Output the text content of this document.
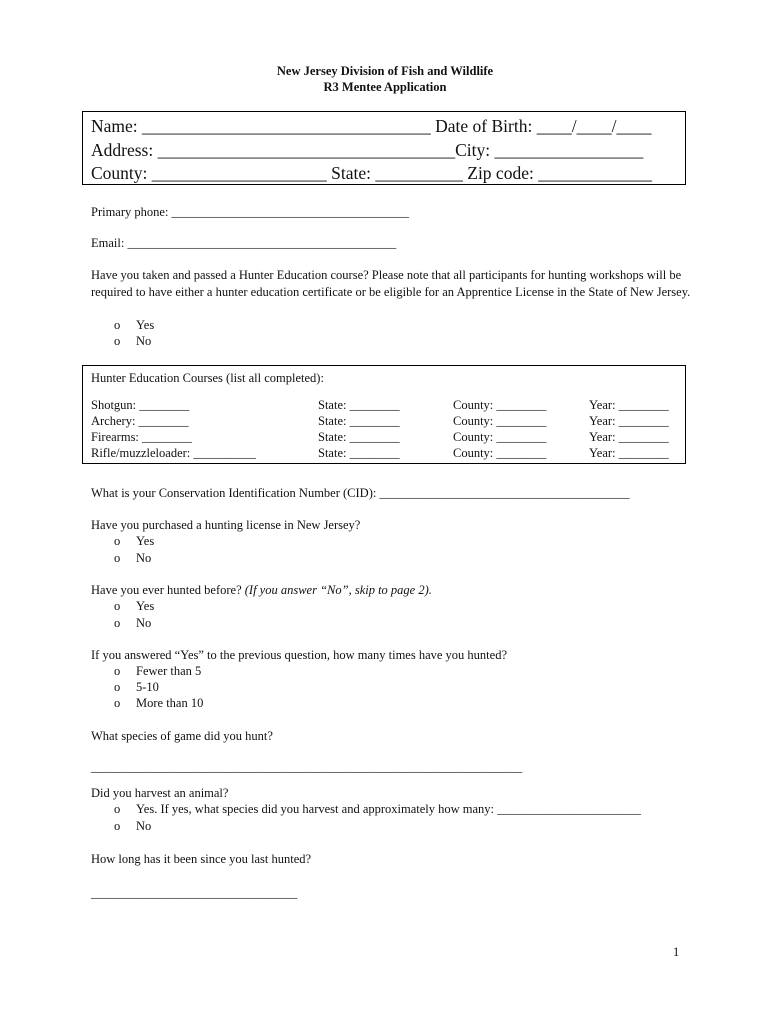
New Jersey Division of Fish and Wildlife
R3 Mentee Application
Name: _________________________________ Date of Birth: ____/____/____
Address: __________________________________City: _________________
County: ____________________ State: __________ Zip code: _____________
Primary phone: ______________________________________
Email: ___________________________________________
Have you taken and passed a Hunter Education course? Please note that all participants for hunting workshops will be required to have either a hunter education certificate or be eligible for an Apprentice License in the State of New Jersey.
o Yes
o No
Hunter Education Courses (list all completed):
Shotgun: ________	State: ________	County: ________	Year: ________
Archery: ________	State: ________	County: ________	Year: ________
Firearms: ________	State: ________	County: ________	Year: ________
Rifle/muzzleloader: __________	State: ________	County: ________	Year: ________
What is your Conservation Identification Number (CID): ________________________________________
Have you purchased a hunting license in New Jersey?
o Yes
o No
Have you ever hunted before? (If you answer “No”, skip to page 2).
o Yes
o No
If you answered “Yes” to the previous question, how many times have you hunted?
o Fewer than 5
o 5-10
o More than 10
What species of game did you hunt?
_____________________________________________________________________
Did you harvest an animal?
o Yes. If yes, what species did you harvest and approximately how many: _______________________
o No
How long has it been since you last hunted?
_________________________________
1
